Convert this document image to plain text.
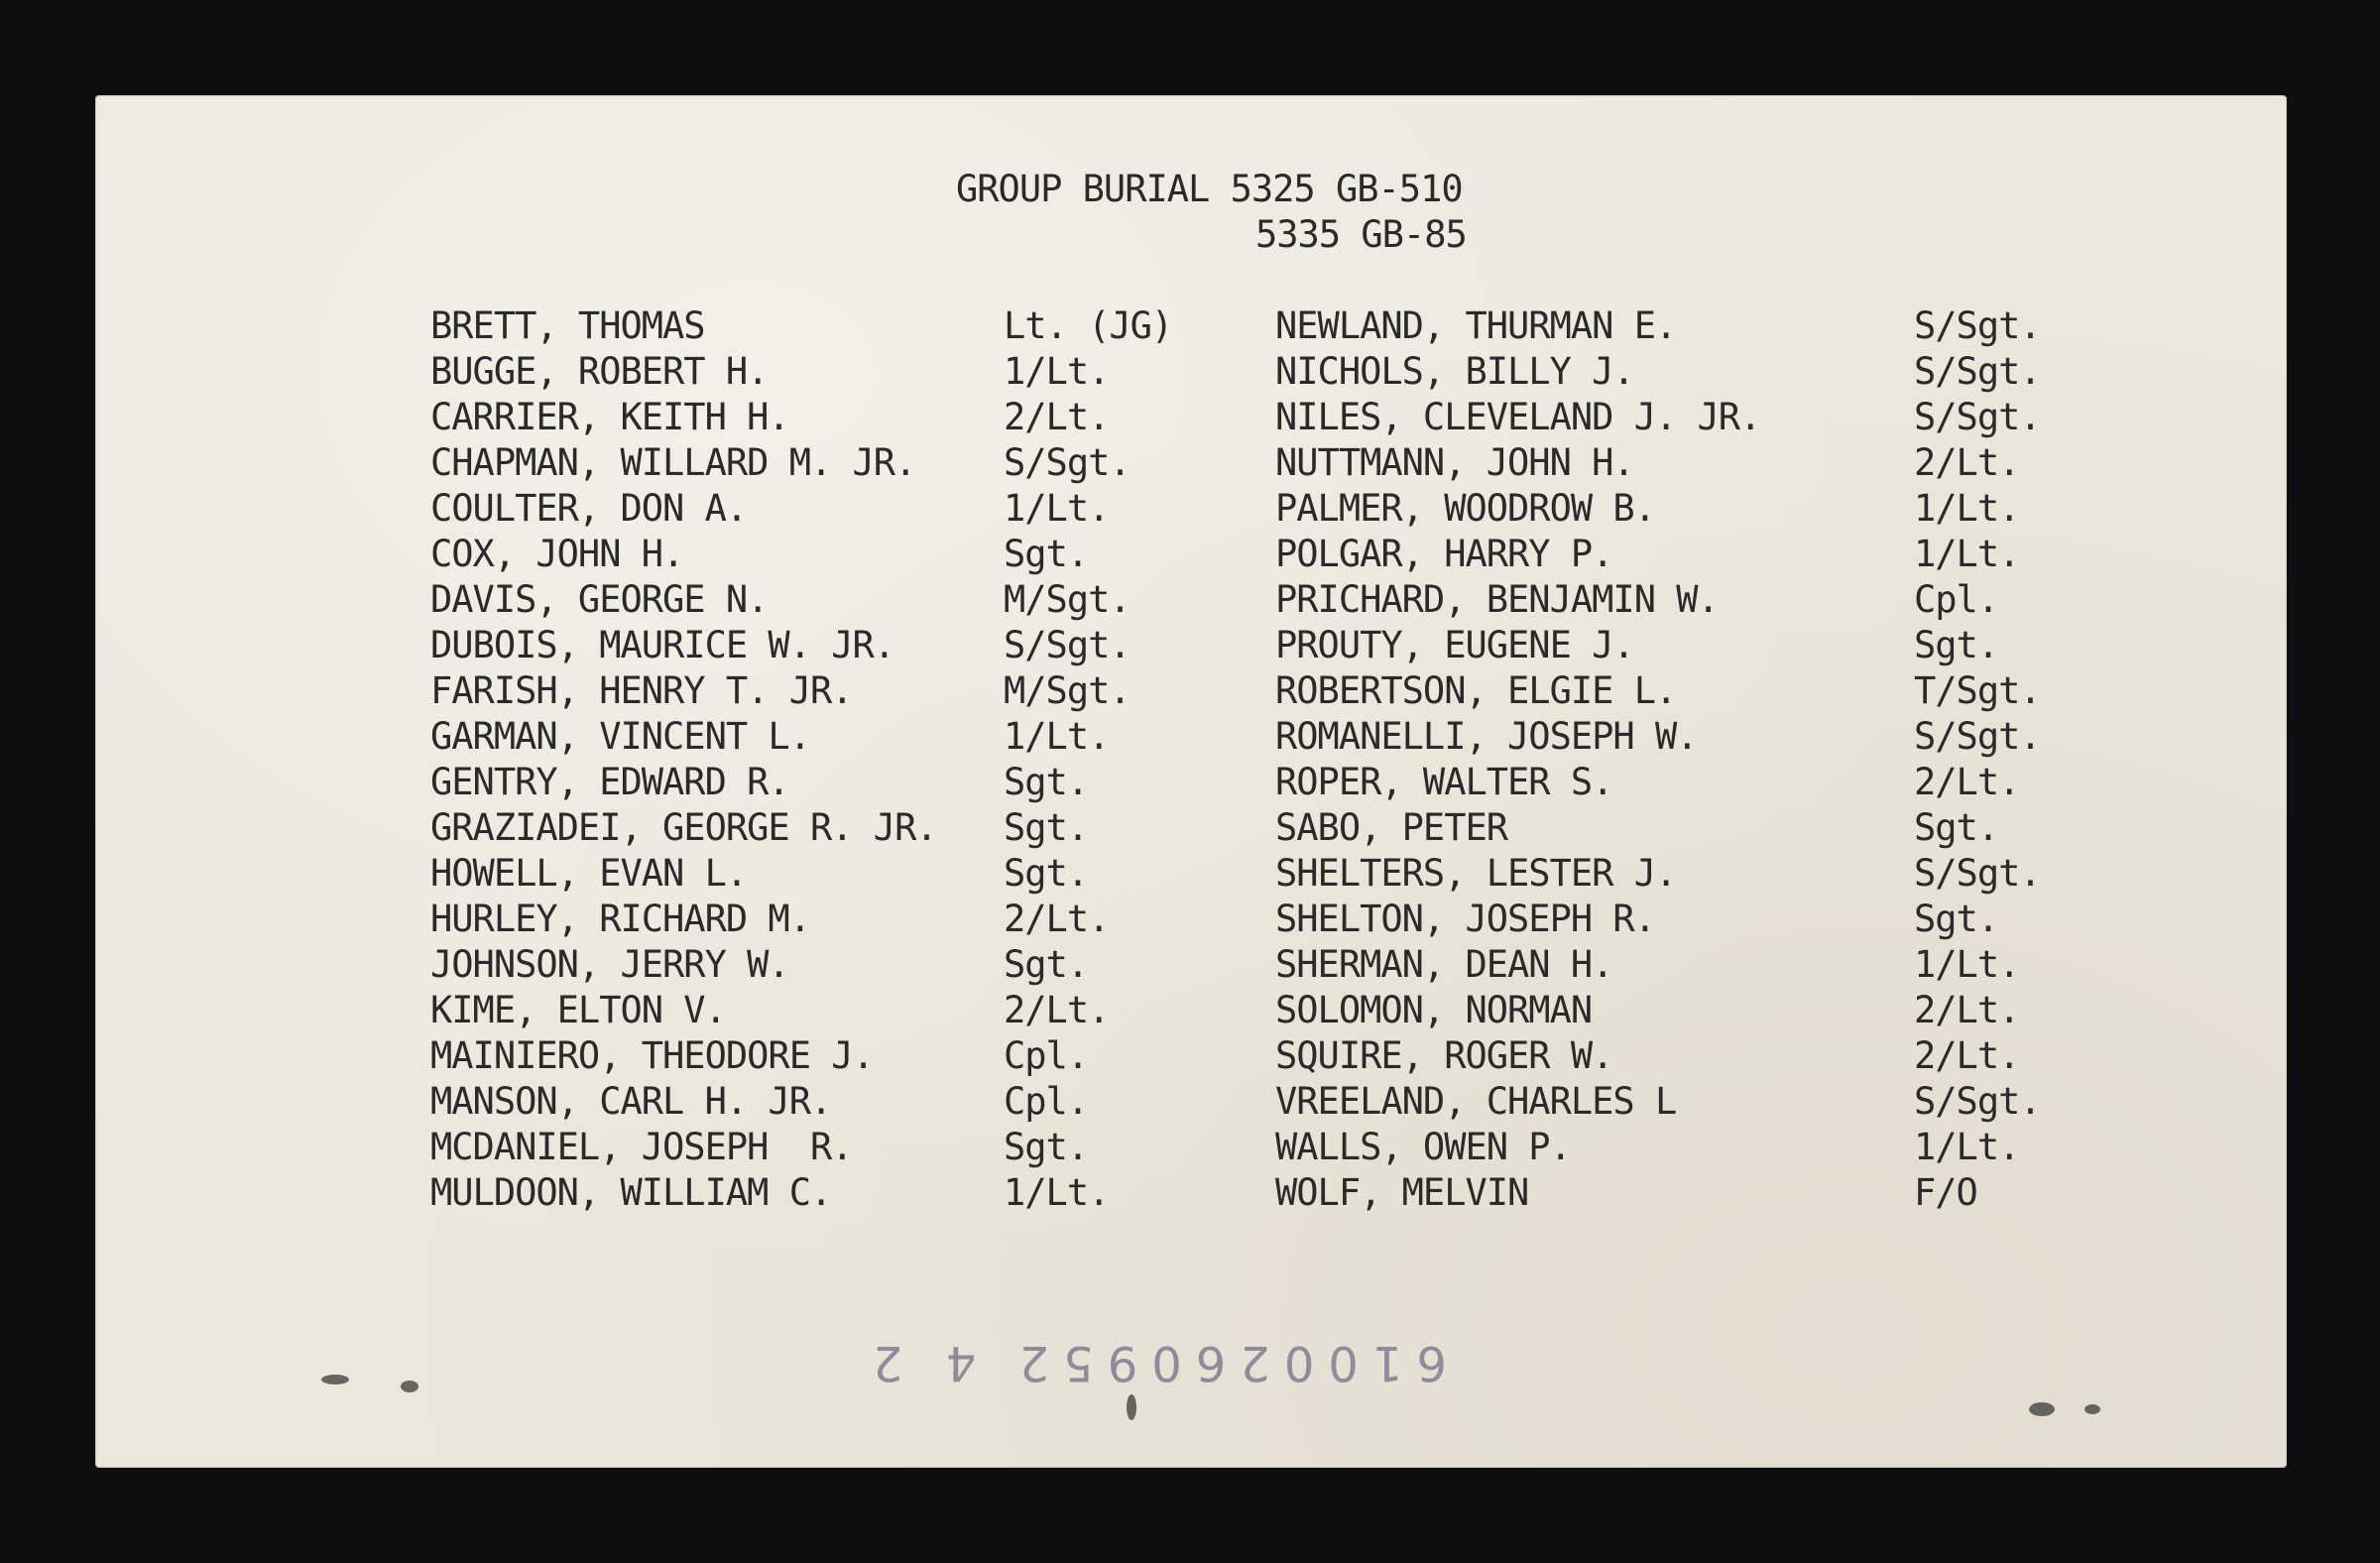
GROUP BURIAL 5325 GB-510
5335 GB-85
BRETT, THOMAS	Lt. (JG)	NEWLAND, THURMAN E.	S/Sgt.
BUGGE, ROBERT H.	1/Lt.	NICHOLS, BILLY J.	S/Sgt.
CARRIER, KEITH H.	2/Lt.	NILES, CLEVELAND J. JR.	S/Sgt.
CHAPMAN, WILLARD M. JR. S/Sgt.	NUTTMANN, JOHN H.	2/Lt.
COULTER, DON A.	1/Lt.	PALMER, WOODROW B.	1/Lt.
COX, JOHN H.	Sgt.	POLGAR, HARRY P.	1/Lt.
DAVIS, GEORGE N.	M/Sgt.	PRICHARD, BENJAMIN W.	Cpl.
DUBOIS, MAURICE W. JR.	S/Sgt.	PROUTY, EUGENE J.	Sgt.
FARISH, HENRY T. JR.	M/Sgt.	ROBERTSON, ELGIE L.	T/Sgt.
GARMAN, VINCENT L.	1/Lt.	ROMANELLI, JOSEPH W.	S/Sgt.
GENTRY, EDWARD R.	Sgt.	ROPER, WALTER S.	2/Lt.
GRAZIADEI, GEORGE R. JR. Sgt.	SABO, PETER	Sgt.
HOWELL, EVAN L.	Sgt.	SHELTERS, LESTER J.	S/Sgt.
HURLEY, RICHARD M.	2/Lt.	SHELTON, JOSEPH R.	Sgt.
JOHNSON, JERRY W.	Sgt.	SHERMAN, DEAN H.	1/Lt.
KIME, ELTON V.	2/Lt.	SOLOMON, NORMAN	2/Lt.
MAINIERO, THEODORE J.	Cpl.	SQUIRE, ROGER W.	2/Lt.
MANSON, CARL H. JR.	Cpl.	VREELAND, CHARLES L	S/Sgt.
MCDANIEL, JOSEPH  R.	Sgt.	WALLS, OWEN P.	1/Lt.
MULDOON, WILLIAM C.	1/Lt.	WOLF, MELVIN	F/O
6100260952 4 2
